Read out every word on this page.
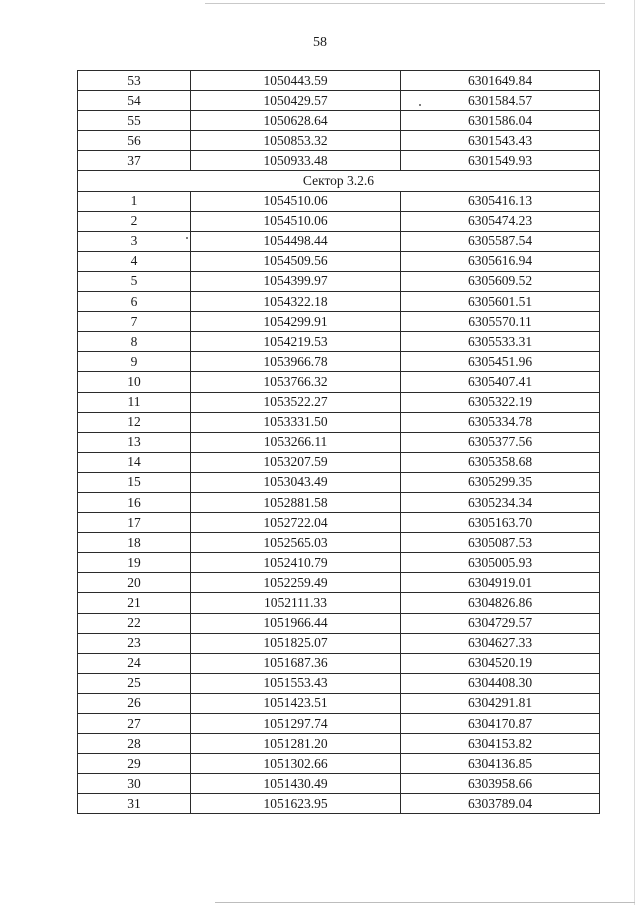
58
53	1050443.59	6301649.84
54	1050429.57	6301584.57
55	1050628.64	6301586.04
56	1050853.32	6301543.43
37	1050933.48	6301549.93
Сектор 3.2.6		
1	1054510.06	6305416.13
2	1054510.06	6305474.23
3	1054498.44	6305587.54
4	1054509.56	6305616.94
5	1054399.97	6305609.52
6	1054322.18	6305601.51
7	1054299.91	6305570.11
8	1054219.53	6305533.31
9	1053966.78	6305451.96
10	1053766.32	6305407.41
11	1053522.27	6305322.19
12	1053331.50	6305334.78
13	1053266.11	6305377.56
14	1053207.59	6305358.68
15	1053043.49	6305299.35
16	1052881.58	6305234.34
17	1052722.04	6305163.70
18	1052565.03	6305087.53
19	1052410.79	6305005.93
20	1052259.49	6304919.01
21	1052111.33	6304826.86
22	1051966.44	6304729.57
23	1051825.07	6304627.33
24	1051687.36	6304520.19
25	1051553.43	6304408.30
26	1051423.51	6304291.81
27	1051297.74	6304170.87
28	1051281.20	6304153.82
29	1051302.66	6304136.85
30	1051430.49	6303958.66
31	1051623.95	6303789.04
